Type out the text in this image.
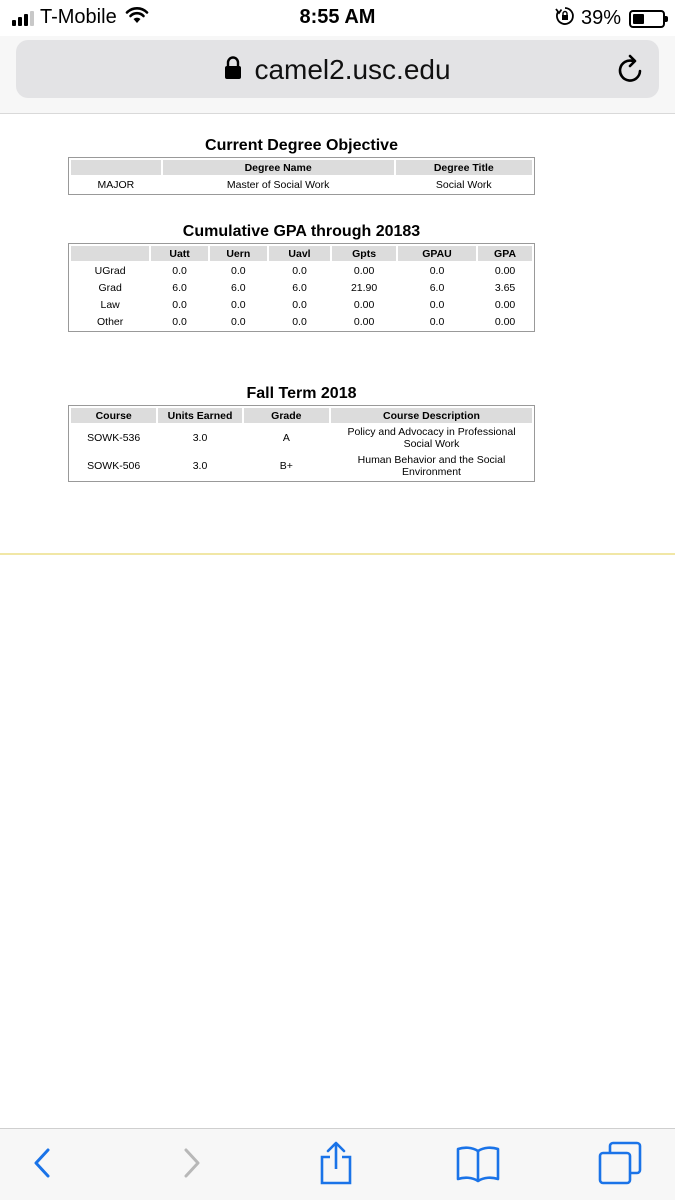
T-Mobile	8:55 AM	39%
camel2.usc.edu
Current Degree Objective
	Degree Name	Degree Title
MAJOR	Master of Social Work	Social Work
Cumulative GPA through 20183
	Uatt	Uern	Uavl	Gpts	GPAU	GPA
UGrad	0.0	0.0	0.0	0.00	0.0	0.00
Grad	6.0	6.0	6.0	21.90	6.0	3.65
Law	0.0	0.0	0.0	0.00	0.0	0.00
Other	0.0	0.0	0.0	0.00	0.0	0.00
Fall Term 2018
Course	Units Earned	Grade	Course Description
SOWK-536	3.0	A	Policy and Advocacy in Professional Social Work
SOWK-506	3.0	B+	Human Behavior and the Social Environment
